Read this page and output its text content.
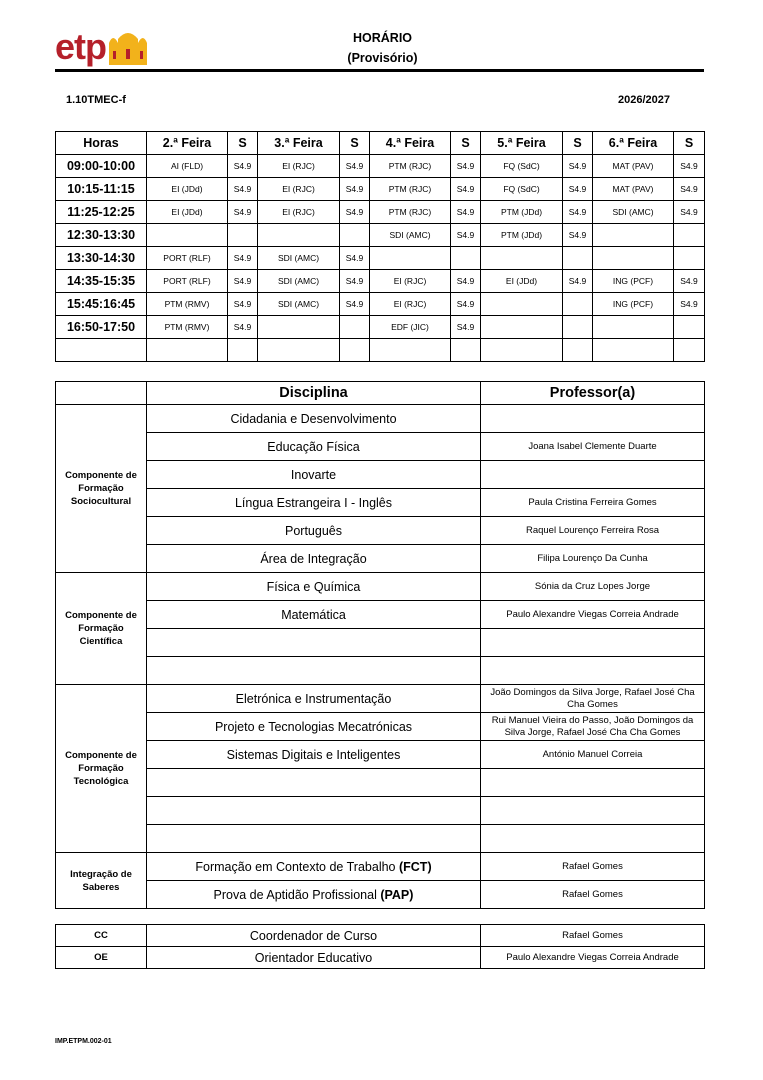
etp	HORÁRIO
(Provisório)
1.10TMEC-f	2026/2027
Horas	2.ª Feira	S	3.ª Feira	S	4.ª Feira	S	5.ª Feira	S	6.ª Feira	S
09:00-10:00	AI (FLD)	S4.9	EI (RJC)	S4.9	PTM (RJC)	S4.9	FQ (SdC)	S4.9	MAT (PAV)	S4.9
10:15-11:15	EI (JDd)	S4.9	EI (RJC)	S4.9	PTM (RJC)	S4.9	FQ (SdC)	S4.9	MAT (PAV)	S4.9
11:25-12:25	EI (JDd)	S4.9	EI (RJC)	S4.9	PTM (RJC)	S4.9	PTM (JDd)	S4.9	SDI (AMC)	S4.9
12:30-13:30					SDI (AMC)	S4.9	PTM (JDd)	S4.9		
13:30-14:30	PORT (RLF)	S4.9	SDI (AMC)	S4.9						
14:35-15:35	PORT (RLF)	S4.9	SDI (AMC)	S4.9	EI (RJC)	S4.9	EI (JDd)	S4.9	ING (PCF)	S4.9
15:45:16:45	PTM (RMV)	S4.9	SDI (AMC)	S4.9	EI (RJC)	S4.9			ING (PCF)	S4.9
16:50-17:50	PTM (RMV)	S4.9			EDF (JIC)	S4.9				

	Disciplina	Professor(a)
Componente de Formação Sociocultural	Cidadania e Desenvolvimento	
	Educação Física	Joana Isabel Clemente Duarte
	Inovarte	
	Língua Estrangeira I - Inglês	Paula Cristina Ferreira Gomes
	Português	Raquel Lourenço Ferreira Rosa
	Área de Integração	Filipa Lourenço Da Cunha
Componente de Formação Científica	Física e Química	Sónia da Cruz Lopes Jorge
	Matemática	Paulo Alexandre Viegas Correia Andrade

Componente de Formação Tecnológica	Eletrónica e Instrumentação	João Domingos da Silva Jorge, Rafael José Cha Cha Gomes
	Projeto e Tecnologias Mecatrónicas	Rui Manuel Vieira do Passo, João Domingos da Silva Jorge, Rafael José Cha Cha Gomes
	Sistemas Digitais e Inteligentes	António Manuel Correia

Integração de Saberes	Formação em Contexto de Trabalho (FCT)	Rafael Gomes
	Prova de Aptidão Profissional (PAP)	Rafael Gomes
CC	Coordenador de Curso	Rafael Gomes
OE	Orientador Educativo	Paulo Alexandre Viegas Correia Andrade
IMP.ETPM.002-01
